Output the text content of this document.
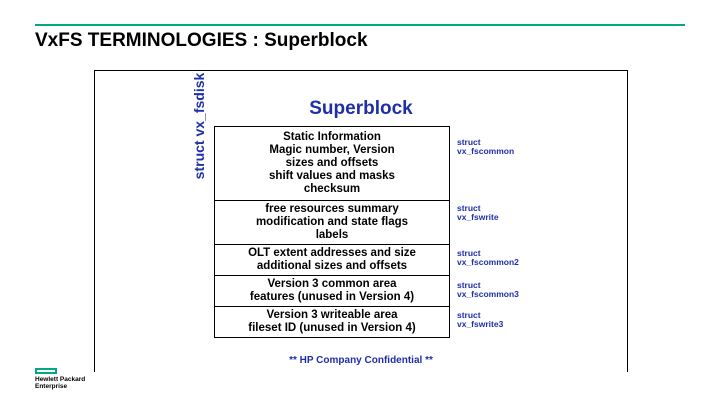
VxFS TERMINOLOGIES : Superblock
Superblock
struct vx_fsdisk	Static Information
Magic number, Version
sizes and offsets
shift values and masks
checksum
free resources summary
modification and state flags
labels
OLT extent addresses and size
additional sizes and offsets
Version 3 common area
features (unused in Version 4)
Version 3 writeable area
fileset ID (unused in Version 4)
struct
vx_fscommon
struct
vx_fswrite
struct
vx_fscommon2
struct
vx_fscommon3
struct
vx_fswrite3
** HP Company Confidential **
Hewlett Packard
Enterprise
